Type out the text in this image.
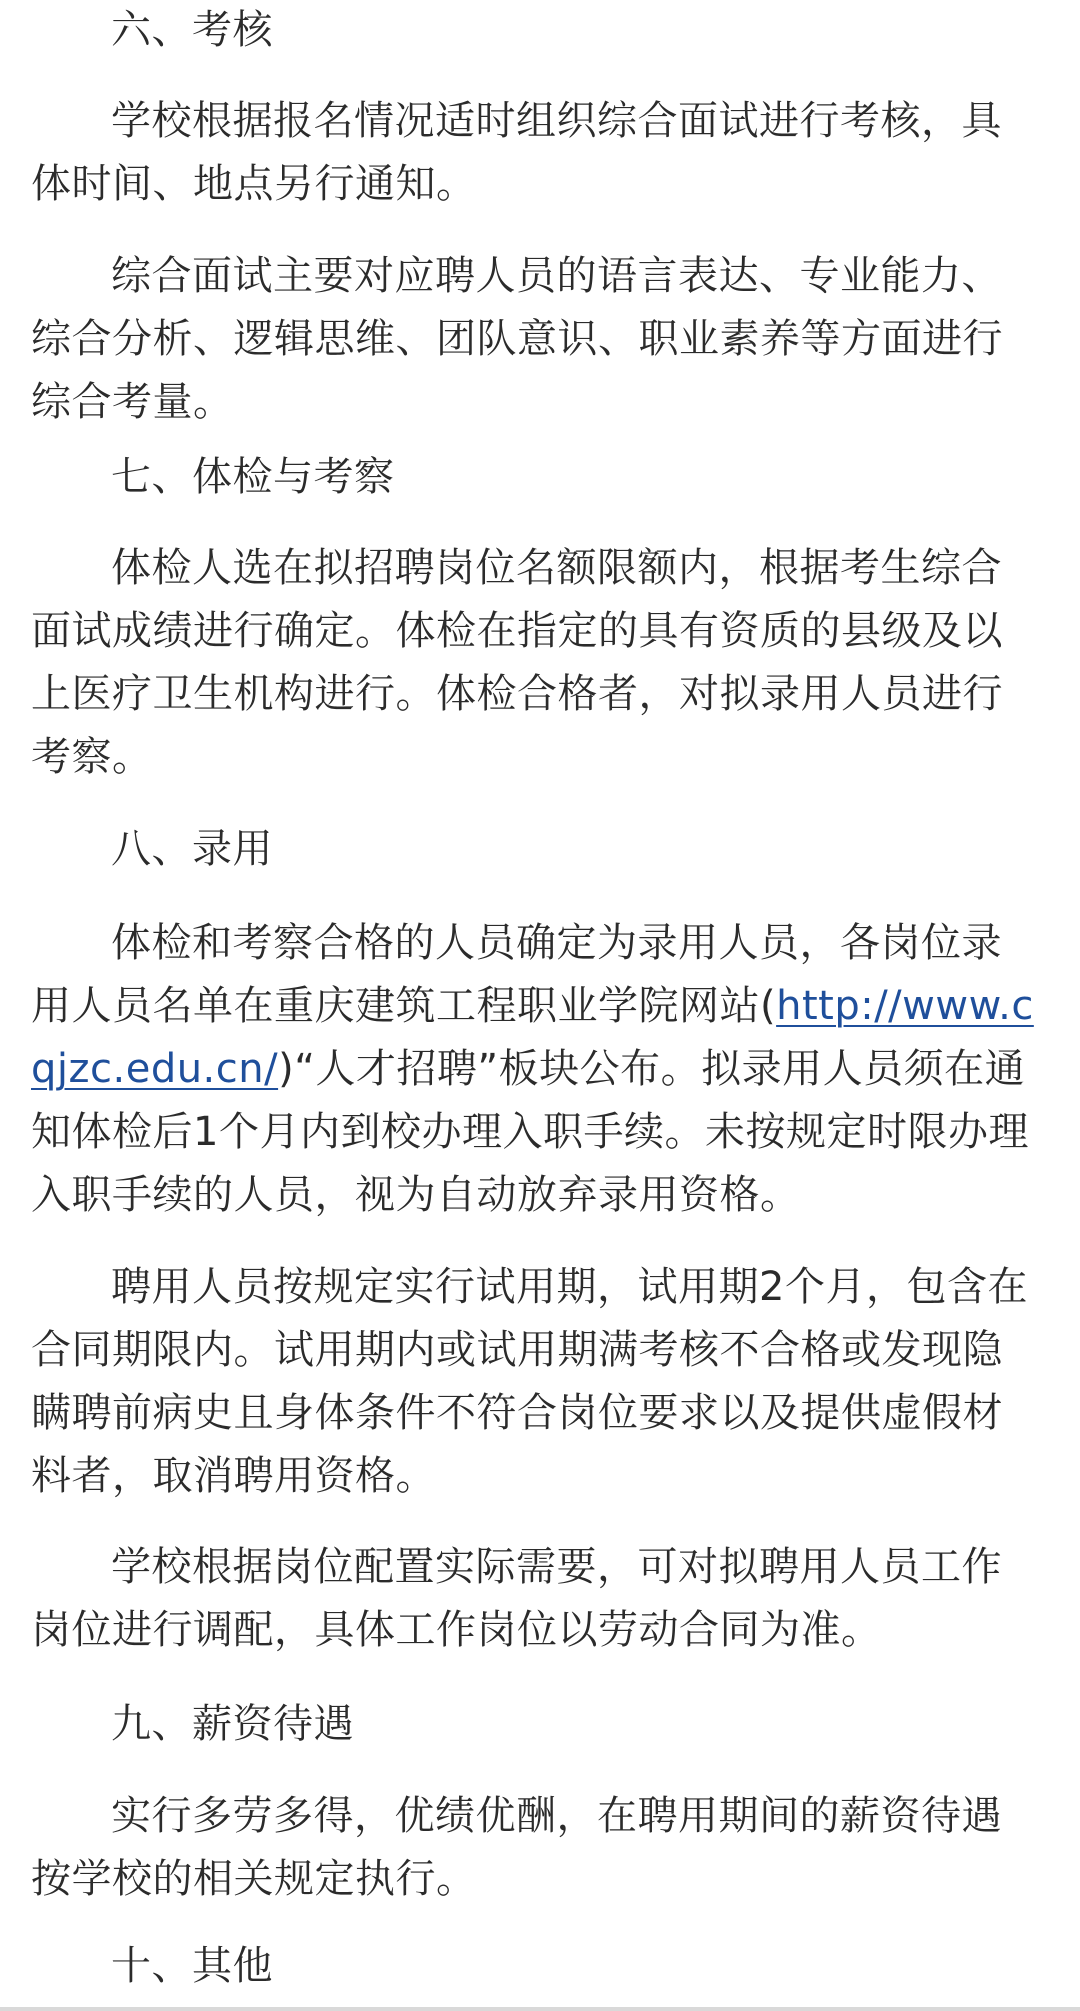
六、考核

学校根据报名情况适时组织综合面试进行考核，具体时间、地点另行通知。

综合面试主要对应聘人员的语言表达、专业能力、综合分析、逻辑思维、团队意识、职业素养等方面进行综合考量。

七、体检与考察

体检人选在拟招聘岗位名额限额内，根据考生综合面试成绩进行确定。体检在指定的具有资质的县级及以上医疗卫生机构进行。体检合格者，对拟录用人员进行考察。

八、录用

体检和考察合格的人员确定为录用人员，各岗位录用人员名单在重庆建筑工程职业学院网站(http://www.cqjzc.edu.cn/)“人才招聘”板块公布。拟录用人员须在通知体检后1个月内到校办理入职手续。未按规定时限办理入职手续的人员，视为自动放弃录用资格。

聘用人员按规定实行试用期，试用期2个月，包含在合同期限内。试用期内或试用期满考核不合格或发现隐瞒聘前病史且身体条件不符合岗位要求以及提供虚假材料者，取消聘用资格。

学校根据岗位配置实际需要，可对拟聘用人员工作岗位进行调配，具体工作岗位以劳动合同为准。

九、薪资待遇

实行多劳多得，优绩优酬，在聘用期间的薪资待遇按学校的相关规定执行。

十、其他
